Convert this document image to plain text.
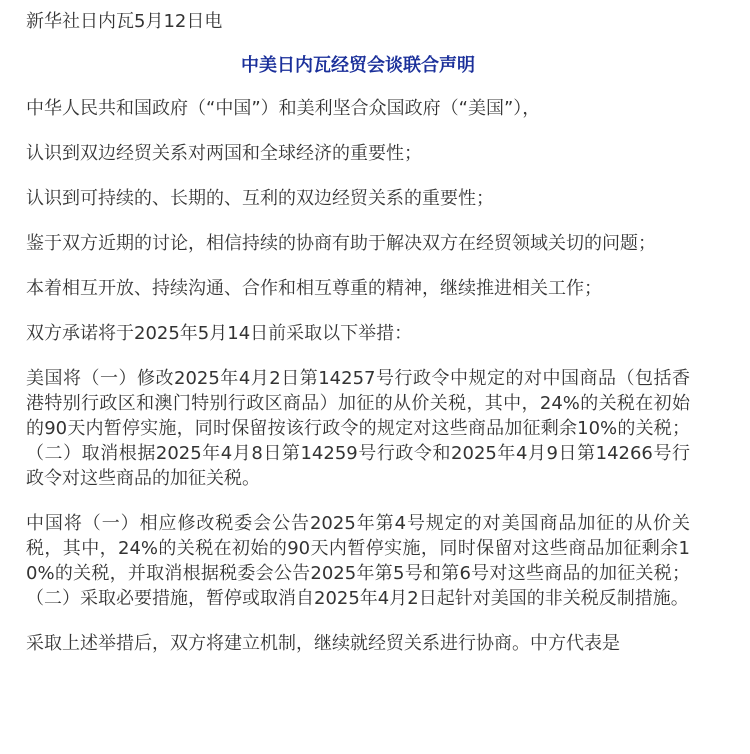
新华社日内瓦5月12日电
中美日内瓦经贸会谈联合声明

中华人民共和国政府（“中国”）和美利坚合众国政府（“美国”），

认识到双边经贸关系对两国和全球经济的重要性；

认识到可持续的、长期的、互利的双边经贸关系的重要性；

鉴于双方近期的讨论，相信持续的协商有助于解决双方在经贸领域关切的问题；

本着相互开放、持续沟通、合作和相互尊重的精神，继续推进相关工作；

双方承诺将于2025年5月14日前采取以下举措：

美国将（一）修改2025年4月2日第14257号行政令中规定的对中国商品（包括香港特别行政区和澳门特别行政区商品）加征的从价关税，其中，24%的关税在初始的90天内暂停实施，同时保留按该行政令的规定对这些商品加征剩余10%的关税；（二）取消根据2025年4月8日第14259号行政令和2025年4月9日第14266号行政令对这些商品的加征关税。

中国将（一）相应修改税委会公告2025年第4号规定的对美国商品加征的从价关税，其中，24%的关税在初始的90天内暂停实施，同时保留对这些商品加征剩余10%的关税，并取消根据税委会公告2025年第5号和第6号对这些商品的加征关税；（二）采取必要措施，暂停或取消自2025年4月2日起针对美国的非关税反制措施。

采取上述举措后，双方将建立机制，继续就经贸关系进行协商。中方代表是
